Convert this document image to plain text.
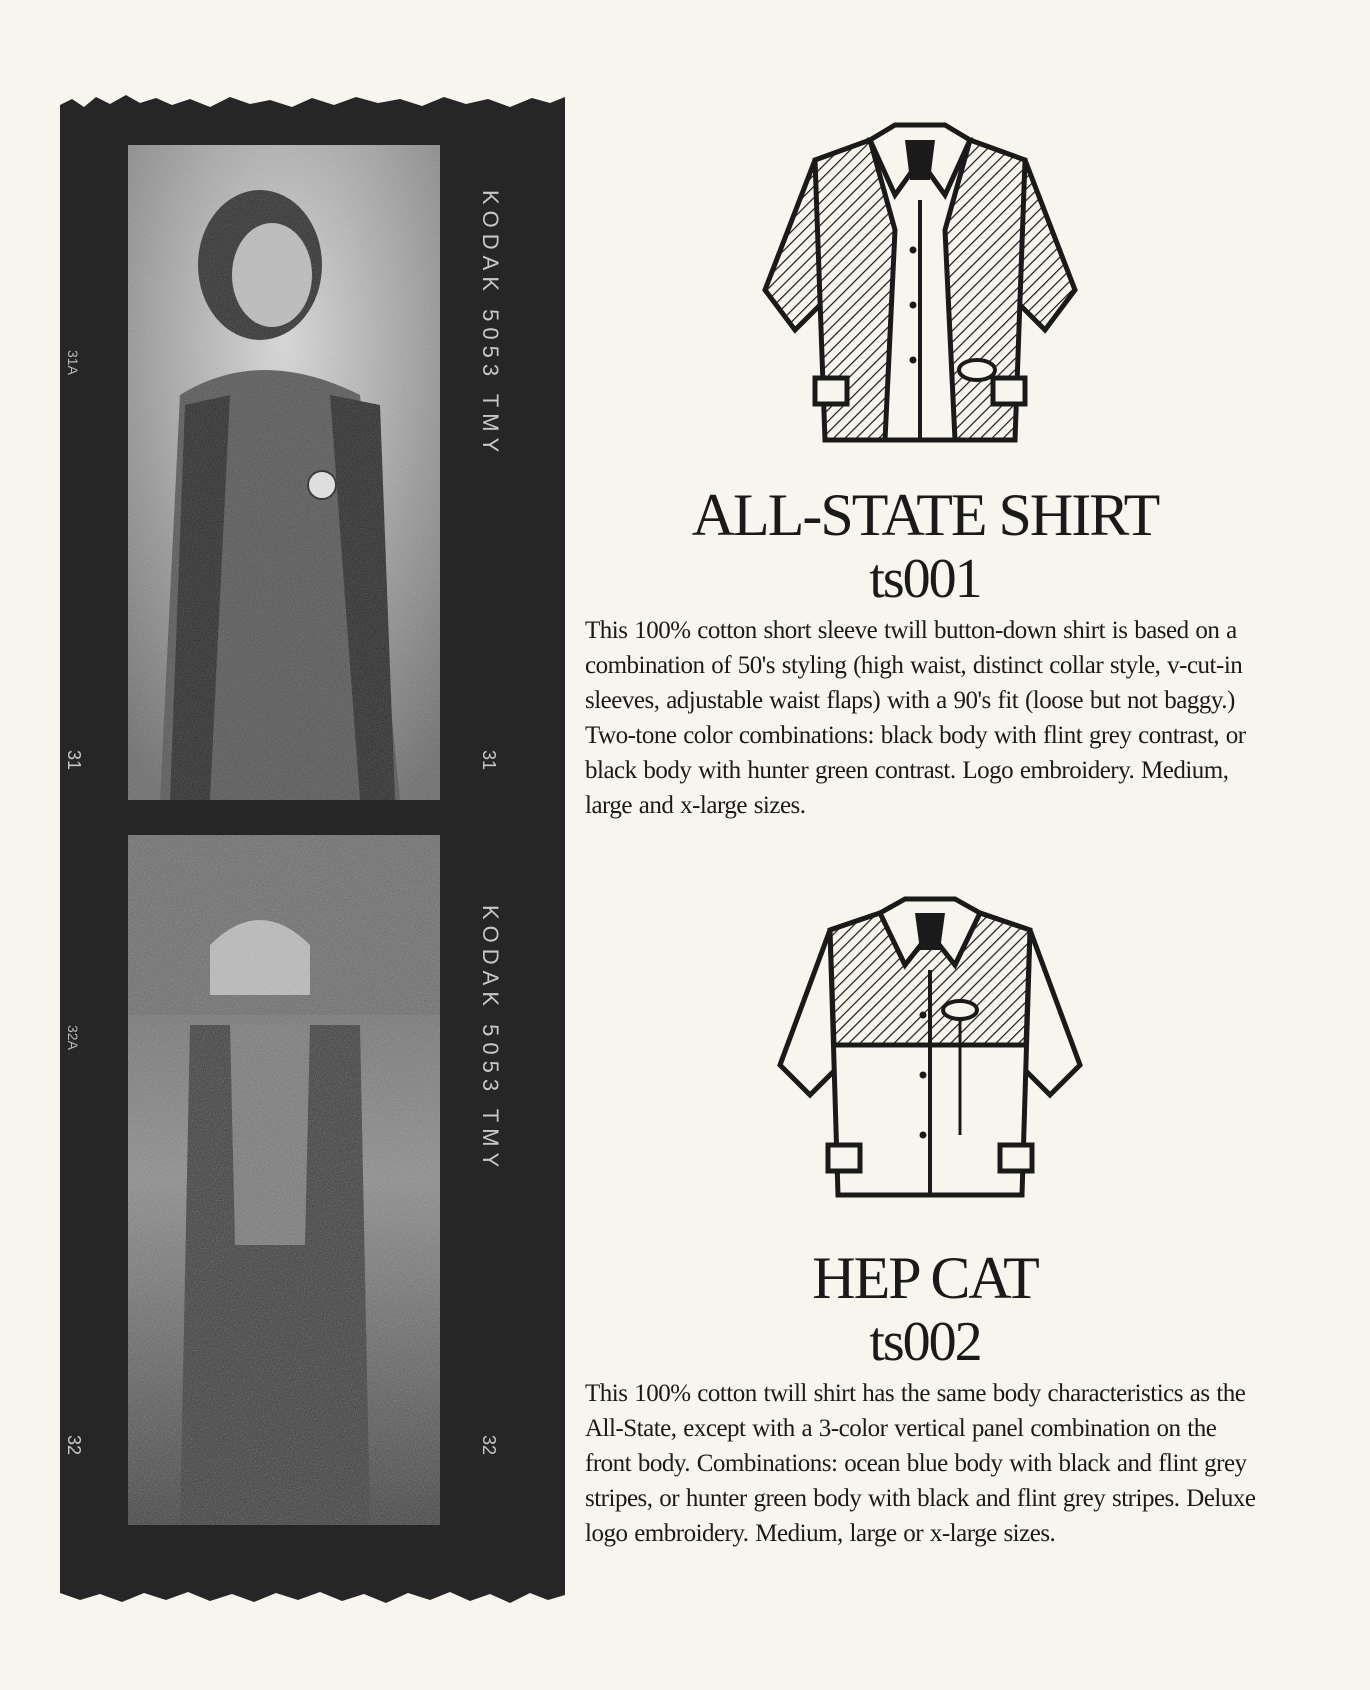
KODAK 5053 TMY
KODAK 5053 TMY
31	31
32	32
31A
32A
ALL-STATE SHIRT
ts001

This 100% cotton short sleeve twill button-down shirt is based on a combination of 50's styling (high waist, distinct collar style, v-cut-in sleeves, adjustable waist flaps) with a 90's fit (loose but not baggy.) Two-tone color combinations: black body with flint grey contrast, or black body with hunter green contrast. Logo embroidery. Medium, large and x-large sizes.

HEP CAT
ts002

This 100% cotton twill shirt has the same body characteristics as the All-State, except with a 3-color vertical panel combination on the front body. Combinations: ocean blue body with black and flint grey stripes, or hunter green body with black and flint grey stripes. Deluxe logo embroidery. Medium, large or x-large sizes.
